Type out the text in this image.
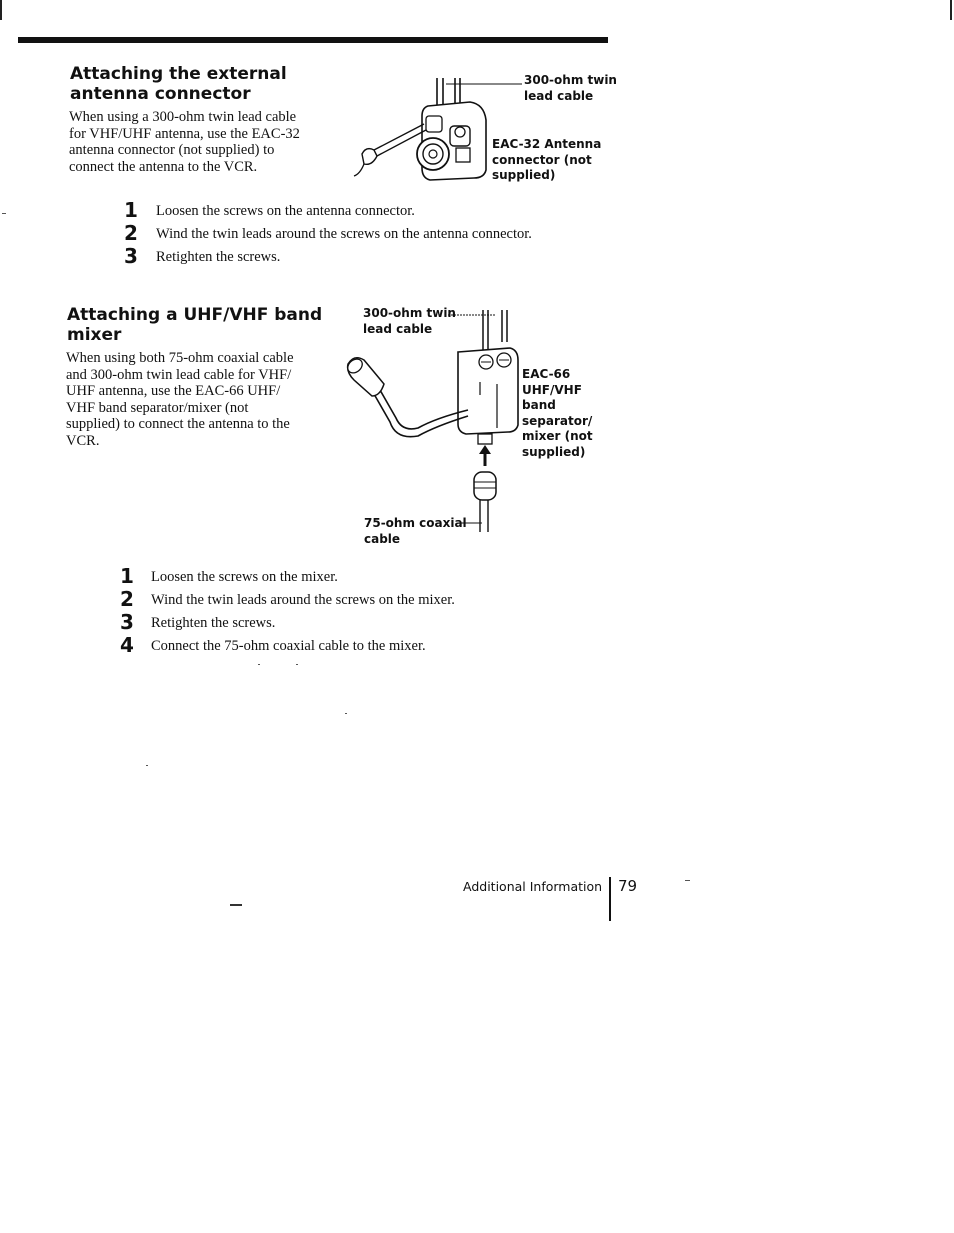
Attaching the external
antenna connector
When using a 300-ohm twin lead cable
for VHF/UHF antenna, use the EAC-32
antenna connector (not supplied) to
connect the antenna to the VCR.
300-ohm twin
lead cable
EAC-32 Antenna
connector (not
supplied)
1 Loosen the screws on the antenna connector.
2 Wind the twin leads around the screws on the antenna connector.
3 Retighten the screws.
Attaching a UHF/VHF band
mixer
When using both 75-ohm coaxial cable
and 300-ohm twin lead cable for VHF/
UHF antenna, use the EAC-66 UHF/
VHF band separator/mixer (not
supplied) to connect the antenna to the
VCR.
300-ohm twin
lead cable
EAC-66
UHF/VHF
band
separator/
mixer (not
supplied)
75-ohm coaxial
cable
1 Loosen the screws on the mixer.
2 Wind the twin leads around the screws on the mixer.
3 Retighten the screws.
4 Connect the 75-ohm coaxial cable to the mixer.
Additional Information 79
